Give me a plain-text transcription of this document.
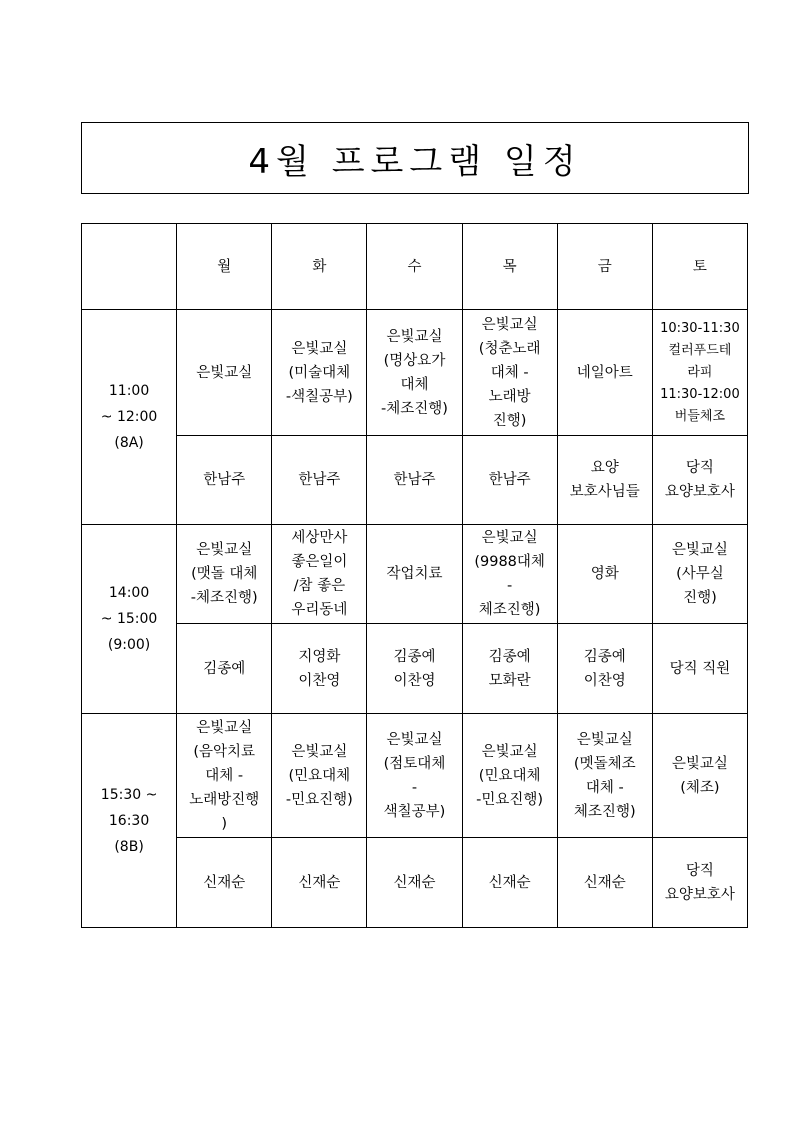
4월 프로그램 일정
	월	화	수	목	금	토
11:00
~ 12:00
(8A)	은빛교실	은빛교실
(미술대체
-색칠공부)	은빛교실
(명상요가
대체
-체조진행)	은빛교실
(청춘노래
대체 -
노래방
진행)	네일아트	10:30-11:30
컬러푸드테
라피
11:30-12:00
버들체조
	한남주	한남주	한남주	한남주	요양
보호사님들	당직
요양보호사
14:00
~ 15:00
(9:00)	은빛교실
(맷돌 대체
-체조진행)	세상만사
좋은일이
/참 좋은
우리동네	작업치료	은빛교실
(9988대체
-
체조진행)	영화	은빛교실
(사무실
진행)
	김종예	지영화
이찬영	김종예
이찬영	김종예
모화란	김종예
이찬영	당직 직원
15:30 ~
16:30
(8B)	은빛교실
(음악치료
대체 -
노래방진행
)	은빛교실
(민요대체
-민요진행)	은빛교실
(점토대체
-
색칠공부)	은빛교실
(민요대체
-민요진행)	은빛교실
(멧돌체조
대체 -
체조진행)	은빛교실
(체조)
	신재순	신재순	신재순	신재순	신재순	당직
요양보호사
